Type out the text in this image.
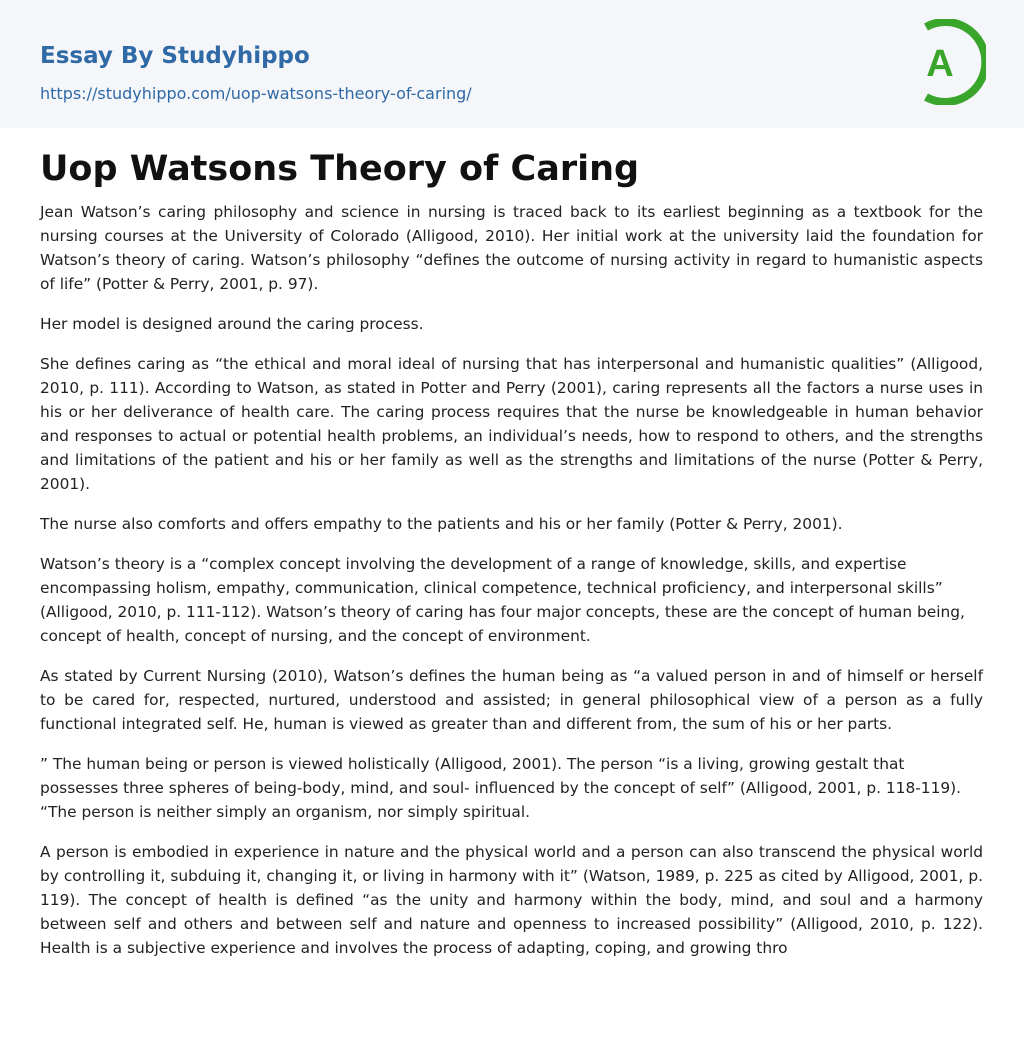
Essay By Studyhippo
https://studyhippo.com/uop-watsons-theory-of-caring/
A
Uop Watsons Theory of Caring

Jean Watson’s caring philosophy and science in nursing is traced back to its earliest beginning as a textbook for the nursing courses at the University of Colorado (Alligood, 2010). Her initial work at the university laid the foundation for Watson’s theory of caring. Watson’s philosophy “defines the outcome of nursing activity in regard to humanistic aspects of life” (Potter & Perry, 2001, p. 97).

Her model is designed around the caring process.

She defines caring as “the ethical and moral ideal of nursing that has interpersonal and humanistic qualities” (Alligood, 2010, p. 111). According to Watson, as stated in Potter and Perry (2001), caring represents all the factors a nurse uses in his or her deliverance of health care. The caring process requires that the nurse be knowledgeable in human behavior and responses to actual or potential health problems, an individual’s needs, how to respond to others, and the strengths and limitations of the patient and his or her family as well as the strengths and limitations of the nurse (Potter & Perry, 2001).

The nurse also comforts and offers empathy to the patients and his or her family (Potter & Perry, 2001).

Watson’s theory is a “complex concept involving the development of a range of knowledge, skills, and expertise encompassing holism, empathy, communication, clinical competence, technical proficiency, and interpersonal skills” (Alligood, 2010, p. 111-112). Watson’s theory of caring has four major concepts, these are the concept of human being, concept of health, concept of nursing, and the concept of environment.

As stated by Current Nursing (2010), Watson’s defines the human being as “a valued person in and of himself or herself to be cared for, respected, nurtured, understood and assisted; in general philosophical view of a person as a fully functional integrated self. He, human is viewed as greater than and different from, the sum of his or her parts.

” The human being or person is viewed holistically (Alligood, 2001). The person “is a living, growing gestalt that possesses three spheres of being-body, mind, and soul- influenced by the concept of self” (Alligood, 2001, p. 118-119). “The person is neither simply an organism, nor simply spiritual.

A person is embodied in experience in nature and the physical world and a person can also transcend the physical world by controlling it, subduing it, changing it, or living in harmony with it” (Watson, 1989, p. 225 as cited by Alligood, 2001, p. 119). The concept of health is defined “as the unity and harmony within the body, mind, and soul and a harmony between self and others and between self and nature and openness to increased possibility” (Alligood, 2010, p. 122). Health is a subjective experience and involves the process of adapting, coping, and growing thro
